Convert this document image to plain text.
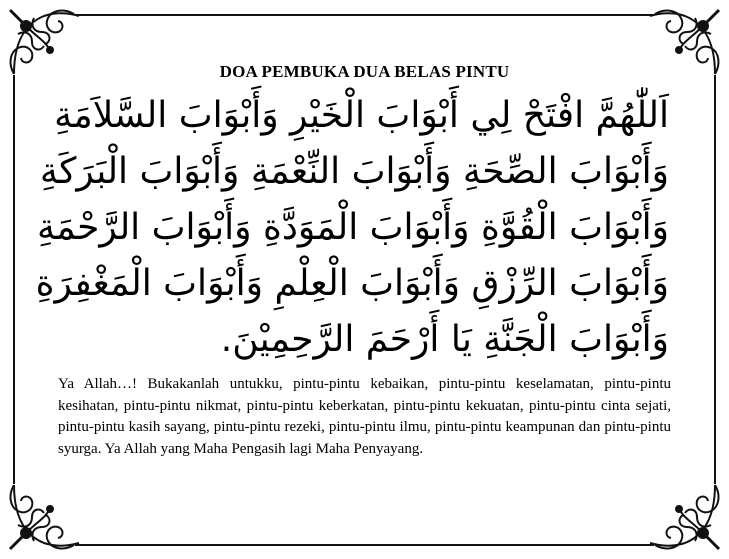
DOA PEMBUKA DUA BELAS PINTU
اَللّٰهُمَّ افْتَحْ لِي أَبْوَابَ الْخَيْرِ وَأَبْوَابَ السَّلاَمَةِ
وَأَبْوَابَ الصِّحَةِ وَأَبْوَابَ النِّعْمَةِ وَأَبْوَابَ الْبَرَكَةِ
وَأَبْوَابَ الْقُوَّةِ وَأَبْوَابَ الْمَوَدَّةِ وَأَبْوَابَ الرَّحْمَةِ
وَأَبْوَابَ الرِّزْقِ وَأَبْوَابَ الْعِلْمِ وَأَبْوَابَ الْمَغْفِرَةِ
وَأَبْوَابَ الْجَنَّةِ يَا أَرْحَمَ الرَّحِمِيْنَ.
Ya Allah…! Bukakanlah untukku, pintu-pintu kebaikan, pintu-pintu keselamatan, pintu-pintu kesihatan, pintu-pintu nikmat, pintu-pintu keberkatan, pintu-pintu kekuatan, pintu-pintu cinta sejati, pintu-pintu kasih sayang, pintu-pintu rezeki, pintu-pintu ilmu, pintu-pintu keampunan dan pintu-pintu syurga. Ya Allah yang Maha Pengasih lagi Maha Penyayang.
